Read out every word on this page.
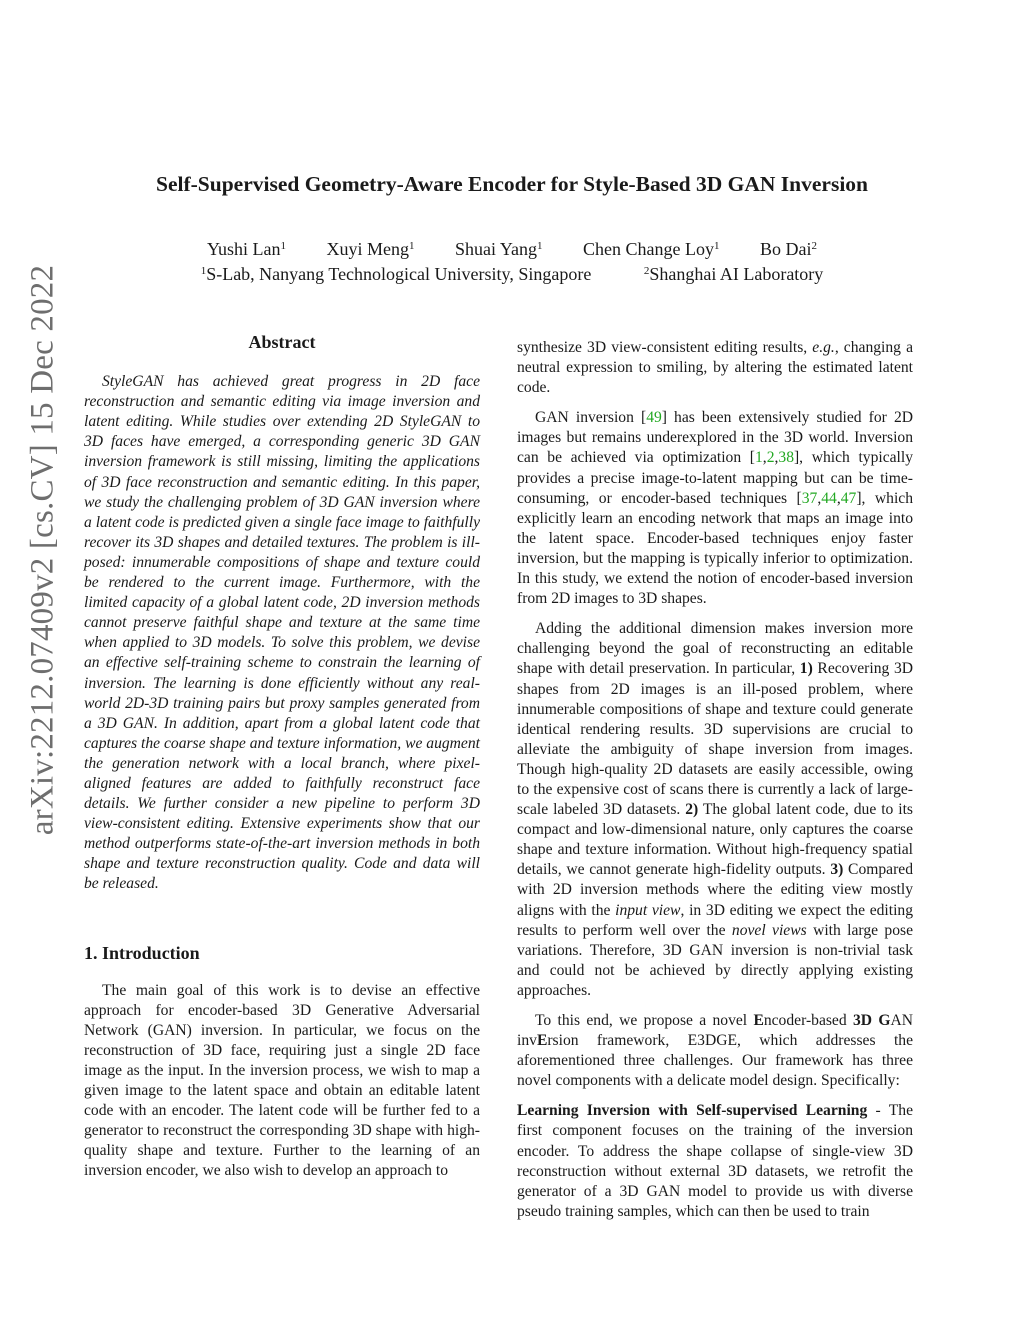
arXiv:2212.07409v2 [cs.CV] 15 Dec 2022
Self-Supervised Geometry-Aware Encoder for Style-Based 3D GAN Inversion
Yushi Lan$^1$ Xuyi Meng$^1$ Shuai Yang$^1$ Chen Change Loy$^1$ Bo Dai$^2$
$^1$S-Lab, Nanyang Technological University, Singapore	$^2$Shanghai AI Laboratory
Abstract

StyleGAN has achieved great progress in 2D face reconstruction and semantic editing via image inversion and latent editing. While studies over extending 2D StyleGAN to 3D faces have emerged, a corresponding generic 3D GAN inversion framework is still missing, limiting the applications of 3D face reconstruction and semantic editing. In this paper, we study the challenging problem of 3D GAN inversion where a latent code is predicted given a single face image to faithfully recover its 3D shapes and detailed textures. The problem is ill-posed: innumerable compositions of shape and texture could be rendered to the current image. Furthermore, with the limited capacity of a global latent code, 2D inversion methods cannot preserve faithful shape and texture at the same time when applied to 3D models. To solve this problem, we devise an effective self-training scheme to constrain the learning of inversion. The learning is done efficiently without any real-world 2D-3D training pairs but proxy samples generated from a 3D GAN. In addition, apart from a global latent code that captures the coarse shape and texture information, we augment the generation network with a local branch, where pixel-aligned features are added to faithfully reconstruct face details. We further consider a new pipeline to perform 3D view-consistent editing. Extensive experiments show that our method outperforms state-of-the-art inversion methods in both shape and texture reconstruction quality. Code and data will be released.

1. Introduction

The main goal of this work is to devise an effective approach for encoder-based 3D Generative Adversarial Network (GAN) inversion. In particular, we focus on the reconstruction of 3D face, requiring just a single 2D face image as the input. In the inversion process, we wish to map a given image to the latent space and obtain an editable latent code with an encoder. The latent code will be further fed to a generator to reconstruct the corresponding 3D shape with high-quality shape and texture. Further to the learning of an inversion encoder, we also wish to develop an approach to

synthesize 3D view-consistent editing results, e.g., changing a neutral expression to smiling, by altering the estimated latent code.

GAN inversion [49] has been extensively studied for 2D images but remains underexplored in the 3D world. Inversion can be achieved via optimization [1,2,38], which typically provides a precise image-to-latent mapping but can be time-consuming, or encoder-based techniques [37,44,47], which explicitly learn an encoding network that maps an image into the latent space. Encoder-based techniques enjoy faster inversion, but the mapping is typically inferior to optimization. In this study, we extend the notion of encoder-based inversion from 2D images to 3D shapes.

Adding the additional dimension makes inversion more challenging beyond the goal of reconstructing an editable shape with detail preservation. In particular, 1) Recovering 3D shapes from 2D images is an ill-posed problem, where innumerable compositions of shape and texture could generate identical rendering results. 3D supervisions are crucial to alleviate the ambiguity of shape inversion from images. Though high-quality 2D datasets are easily accessible, owing to the expensive cost of scans there is currently a lack of large-scale labeled 3D datasets. 2) The global latent code, due to its compact and low-dimensional nature, only captures the coarse shape and texture information. Without high-frequency spatial details, we cannot generate high-fidelity outputs. 3) Compared with 2D inversion methods where the editing view mostly aligns with the input view, in 3D editing we expect the editing results to perform well over the novel views with large pose variations. Therefore, 3D GAN inversion is non-trivial task and could not be achieved by directly applying existing approaches.

To this end, we propose a novel Encoder-based 3D GAN invErsion framework, E3DGE, which addresses the aforementioned three challenges. Our framework has three novel components with a delicate model design. Specifically:

Learning Inversion with Self-supervised Learning - The first component focuses on the training of the inversion encoder. To address the shape collapse of single-view 3D reconstruction without external 3D datasets, we retrofit the generator of a 3D GAN model to provide us with diverse pseudo training samples, which can then be used to train
